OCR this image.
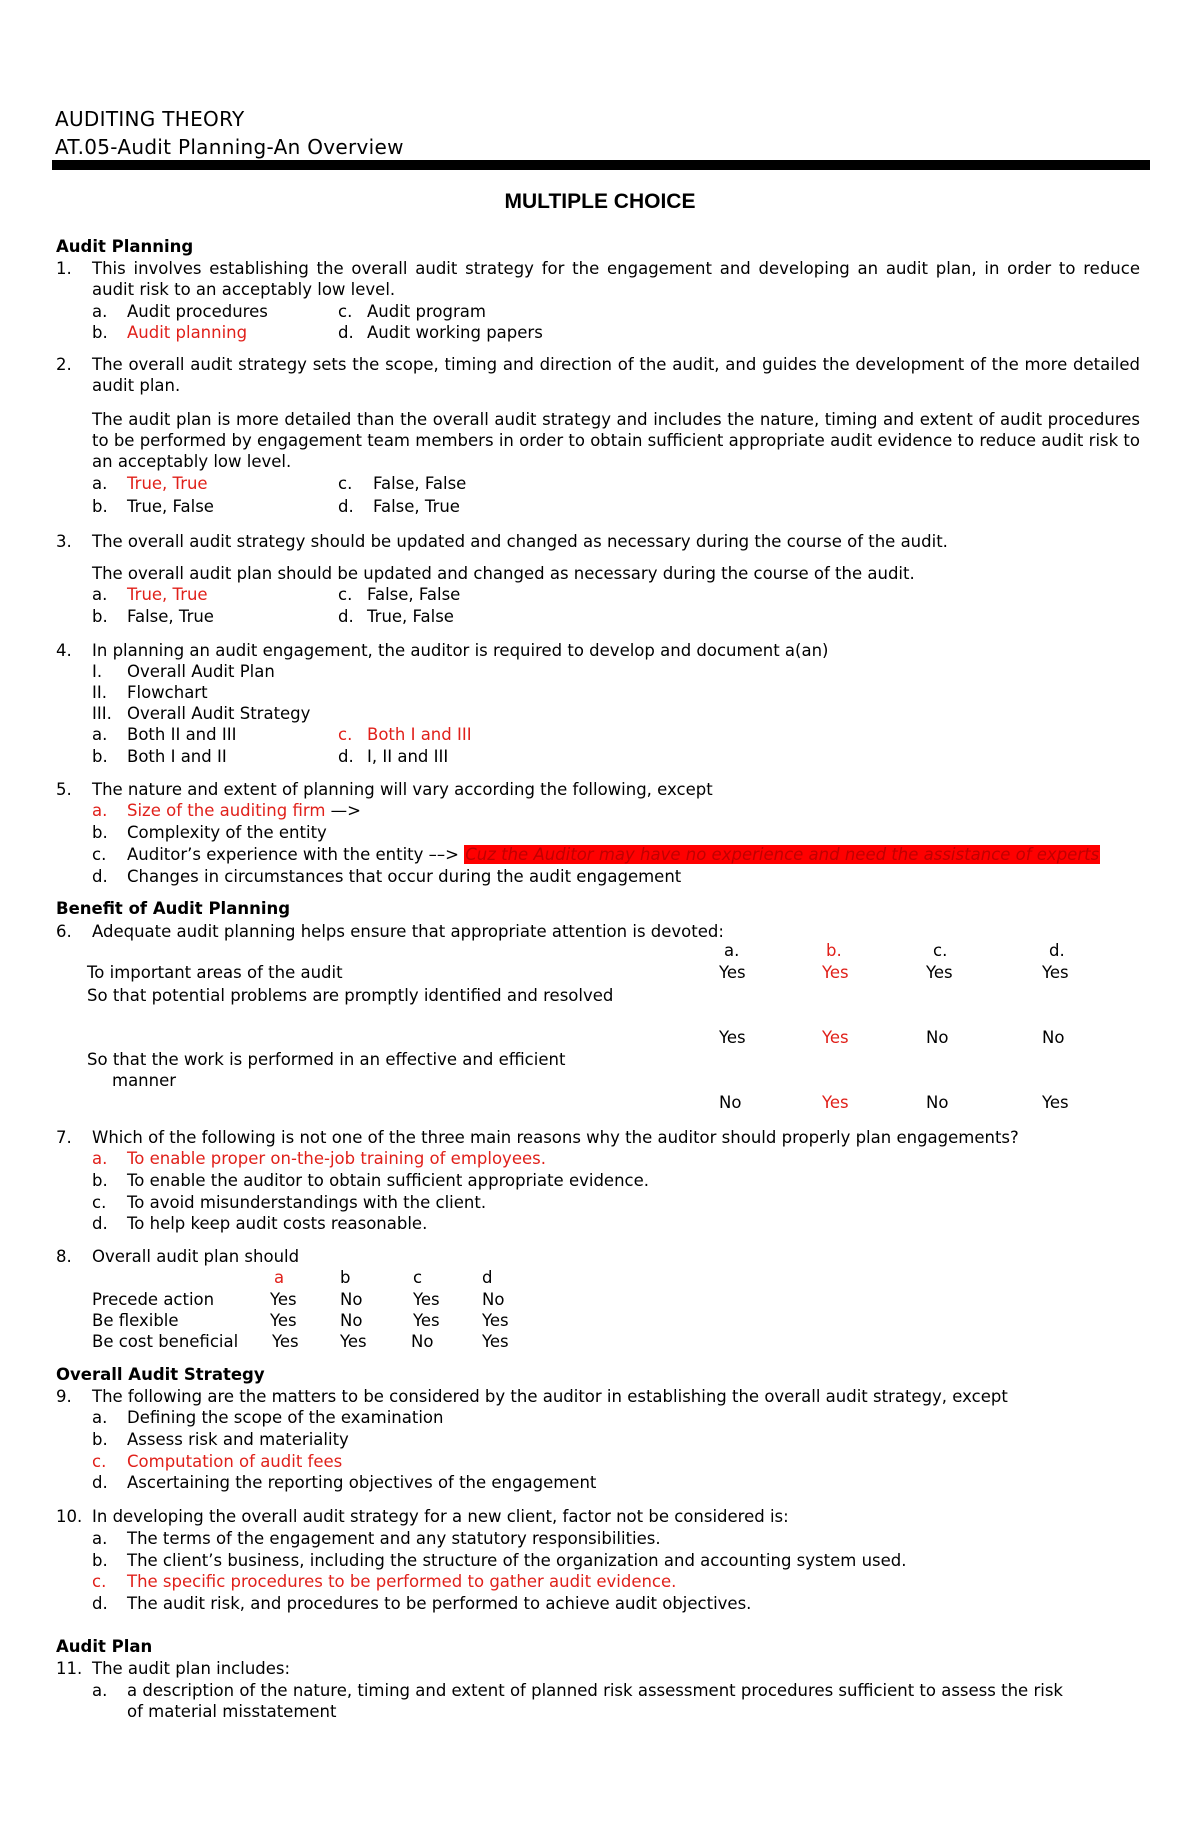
AUDITING THEORY
AT.05-Audit Planning-An Overview
MULTIPLE CHOICE
Audit Planning
1. This involves establishing the overall audit strategy for the engagement and developing an audit plan, in order to reduce audit risk to an acceptably low level.
a. Audit procedures	c. Audit program
b. Audit planning	d. Audit working papers
2. The overall audit strategy sets the scope, timing and direction of the audit, and guides the development of the more detailed audit plan.
The audit plan is more detailed than the overall audit strategy and includes the nature, timing and extent of audit procedures to be performed by engagement team members in order to obtain sufficient appropriate audit evidence to reduce audit risk to an acceptably low level.
a. True, True	c. False, False
b. True, False	d. False, True
3. The overall audit strategy should be updated and changed as necessary during the course of the audit.
The overall audit plan should be updated and changed as necessary during the course of the audit.
a. True, True	c. False, False
b. False, True	d. True, False
4. In planning an audit engagement, the auditor is required to develop and document a(an)
I. Overall Audit Plan
II. Flowchart
III. Overall Audit Strategy
a. Both II and III	c. Both I and III
b. Both I and II	d. I, II and III
5. The nature and extent of planning will vary according the following, except
a. Size of the auditing firm —>
b. Complexity of the entity
c. Auditor’s experience with the entity ––> Cuz the Auditor may have no experience and need the assistance of experts
d. Changes in circumstances that occur during the audit engagement
Benefit of Audit Planning
6. Adequate audit planning helps ensure that appropriate attention is devoted:
a.	b.	c.	d.
To important areas of the audit	Yes	Yes	Yes	Yes
So that potential problems are promptly identified and resolved
Yes	Yes	No	No
So that the work is performed in an effective and efficient
manner
No	Yes	No	Yes
7. Which of the following is not one of the three main reasons why the auditor should properly plan engagements?
a. To enable proper on-the-job training of employees.
b. To enable the auditor to obtain sufficient appropriate evidence.
c. To avoid misunderstandings with the client.
d. To help keep audit costs reasonable.
8. Overall audit plan should
a	b	c	d
Precede action	Yes	No	Yes	No
Be flexible	Yes	No	Yes	Yes
Be cost beneficial Yes	Yes	No	Yes
Overall Audit Strategy
9. The following are the matters to be considered by the auditor in establishing the overall audit strategy, except
a. Defining the scope of the examination
b. Assess risk and materiality
c. Computation of audit fees
d. Ascertaining the reporting objectives of the engagement
10. In developing the overall audit strategy for a new client, factor not be considered is:
a. The terms of the engagement and any statutory responsibilities.
b. The client’s business, including the structure of the organization and accounting system used.
c. The specific procedures to be performed to gather audit evidence.
d. The audit risk, and procedures to be performed to achieve audit objectives.
Audit Plan
11. The audit plan includes:
a. a description of the nature, timing and extent of planned risk assessment procedures sufficient to assess the risk
of material misstatement
